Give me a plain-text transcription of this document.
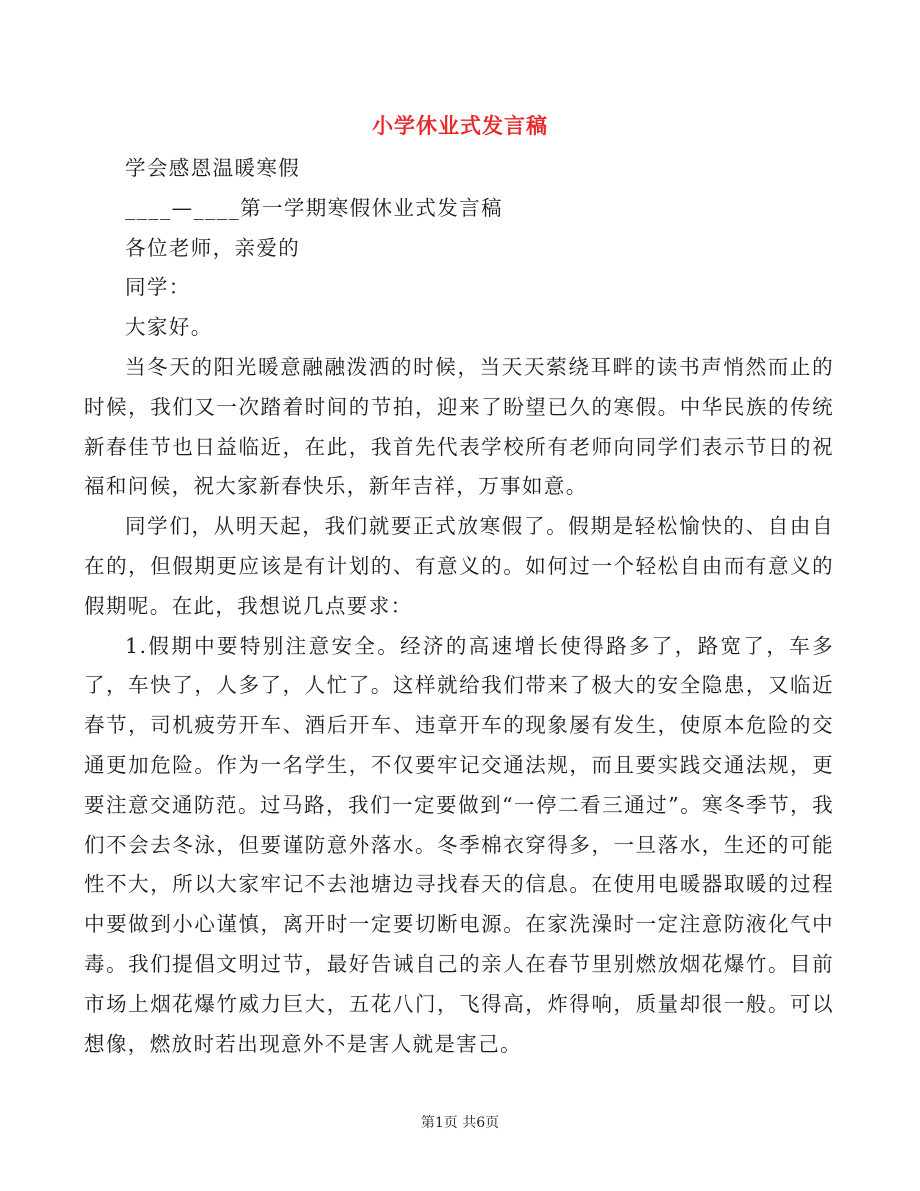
小学休业式发言稿

学会感恩温暖寒假

____—____第一学期寒假休业式发言稿

各位老师，亲爱的

同学：

大家好。

当冬天的阳光暖意融融泼洒的时候，当天天萦绕耳畔的读书声悄然而止的时候，我们又一次踏着时间的节拍，迎来了盼望已久的寒假。中华民族的传统新春佳节也日益临近，在此，我首先代表学校所有老师向同学们表示节日的祝福和问候，祝大家新春快乐，新年吉祥，万事如意。

同学们，从明天起，我们就要正式放寒假了。假期是轻松愉快的、自由自在的，但假期更应该是有计划的、有意义的。如何过一个轻松自由而有意义的假期呢。在此，我想说几点要求：

1.假期中要特别注意安全。经济的高速增长使得路多了，路宽了，车多了，车快了，人多了，人忙了。这样就给我们带来了极大的安全隐患，又临近春节，司机疲劳开车、酒后开车、违章开车的现象屡有发生，使原本危险的交通更加危险。作为一名学生，不仅要牢记交通法规，而且要实践交通法规，更要注意交通防范。过马路，我们一定要做到“一停二看三通过”。寒冬季节，我们不会去冬泳，但要谨防意外落水。冬季棉衣穿得多，一旦落水，生还的可能性不大，所以大家牢记不去池塘边寻找春天的信息。在使用电暖器取暖的过程中要做到小心谨慎，离开时一定要切断电源。在家洗澡时一定注意防液化气中毒。我们提倡文明过节，最好告诫自己的亲人在春节里别燃放烟花爆竹。目前市场上烟花爆竹威力巨大，五花八门，飞得高，炸得响，质量却很一般。可以想像，燃放时若出现意外不是害人就是害己。

第1页 共6页
